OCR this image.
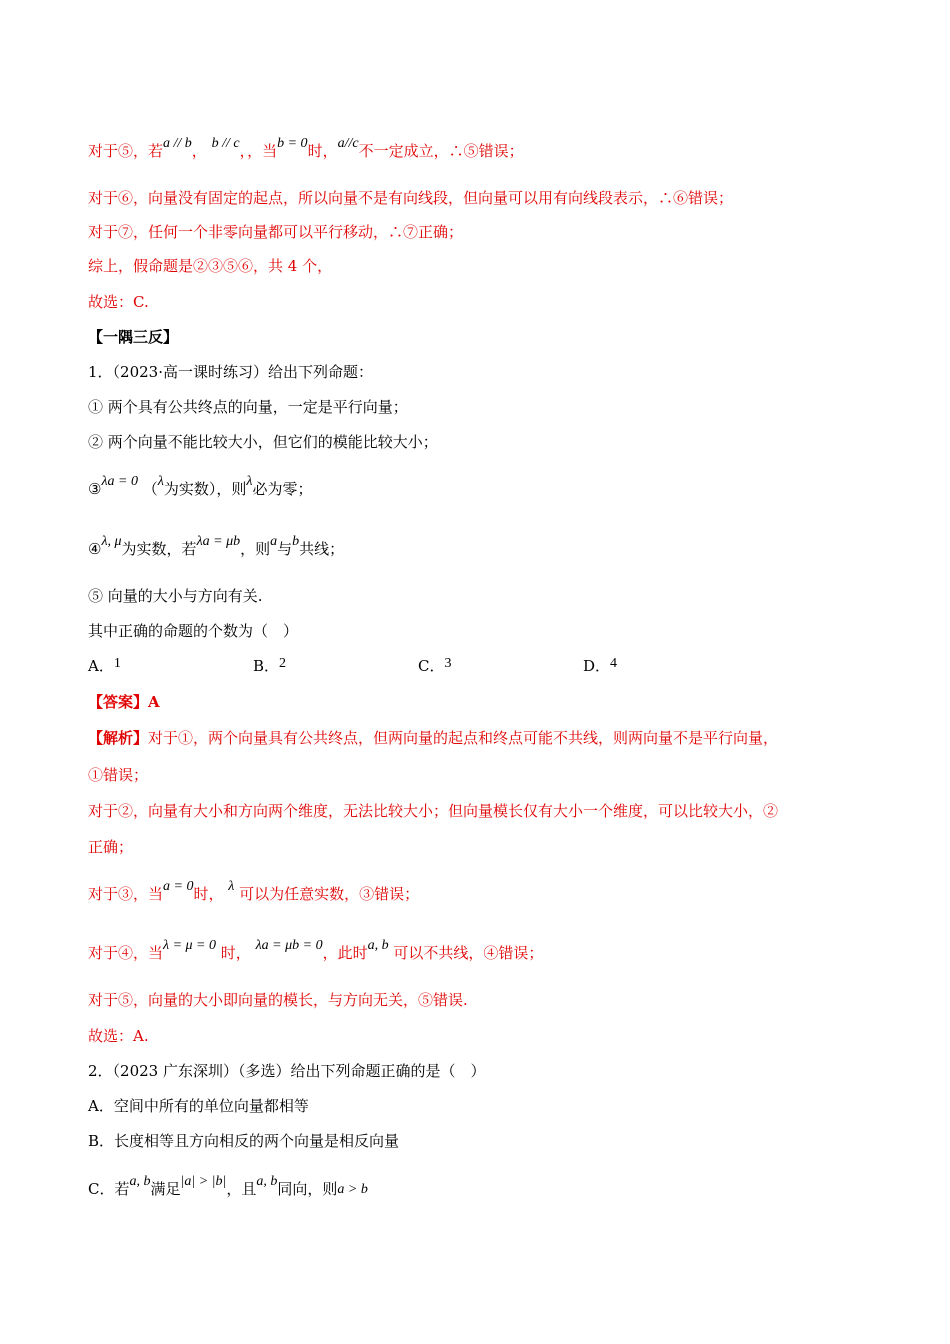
对于⑤，若a // b， b // c，，当b = 0时，a//c不一定成立，∴⑤错误；
对于⑥，向量没有固定的起点，所以向量不是有向线段，但向量可以用有向线段表示，∴⑥错误；
对于⑦，任何一个非零向量都可以平行移动，∴⑦正确；
综上，假命题是②③⑤⑥，共 4 个，
故选：C.
【一隅三反】
1．（2023·高一课时练习）给出下列命题：
① 两个具有公共终点的向量，一定是平行向量；
② 两个向量不能比较大小，但它们的模能比较大小；
③λa = 0 （λ为实数），则λ必为零；
④λ, μ为实数，若λa = μb，则a与b共线；
⑤ 向量的大小与方向有关.
其中正确的命题的个数为（　）
A．1	B．2	C．3	D．4
【答案】A
【解析】对于①，两个向量具有公共终点，但两向量的起点和终点可能不共线，则两向量不是平行向量，
①错误；
对于②，向量有大小和方向两个维度，无法比较大小；但向量模长仅有大小一个维度，可以比较大小，②
正确；
对于③，当a = 0时， λ 可以为任意实数，③错误；
对于④，当λ = μ = 0 时， λa = μb = 0，此时a, b 可以不共线，④错误；
对于⑤，向量的大小即向量的模长，与方向无关，⑤错误.
故选：A.
2．（2023 广东深圳）（多选）给出下列命题正确的是（　）
A．空间中所有的单位向量都相等
B．长度相等且方向相反的两个向量是相反向量
C．若a, b满足|a| > |b|，且a, b同向，则a > b
